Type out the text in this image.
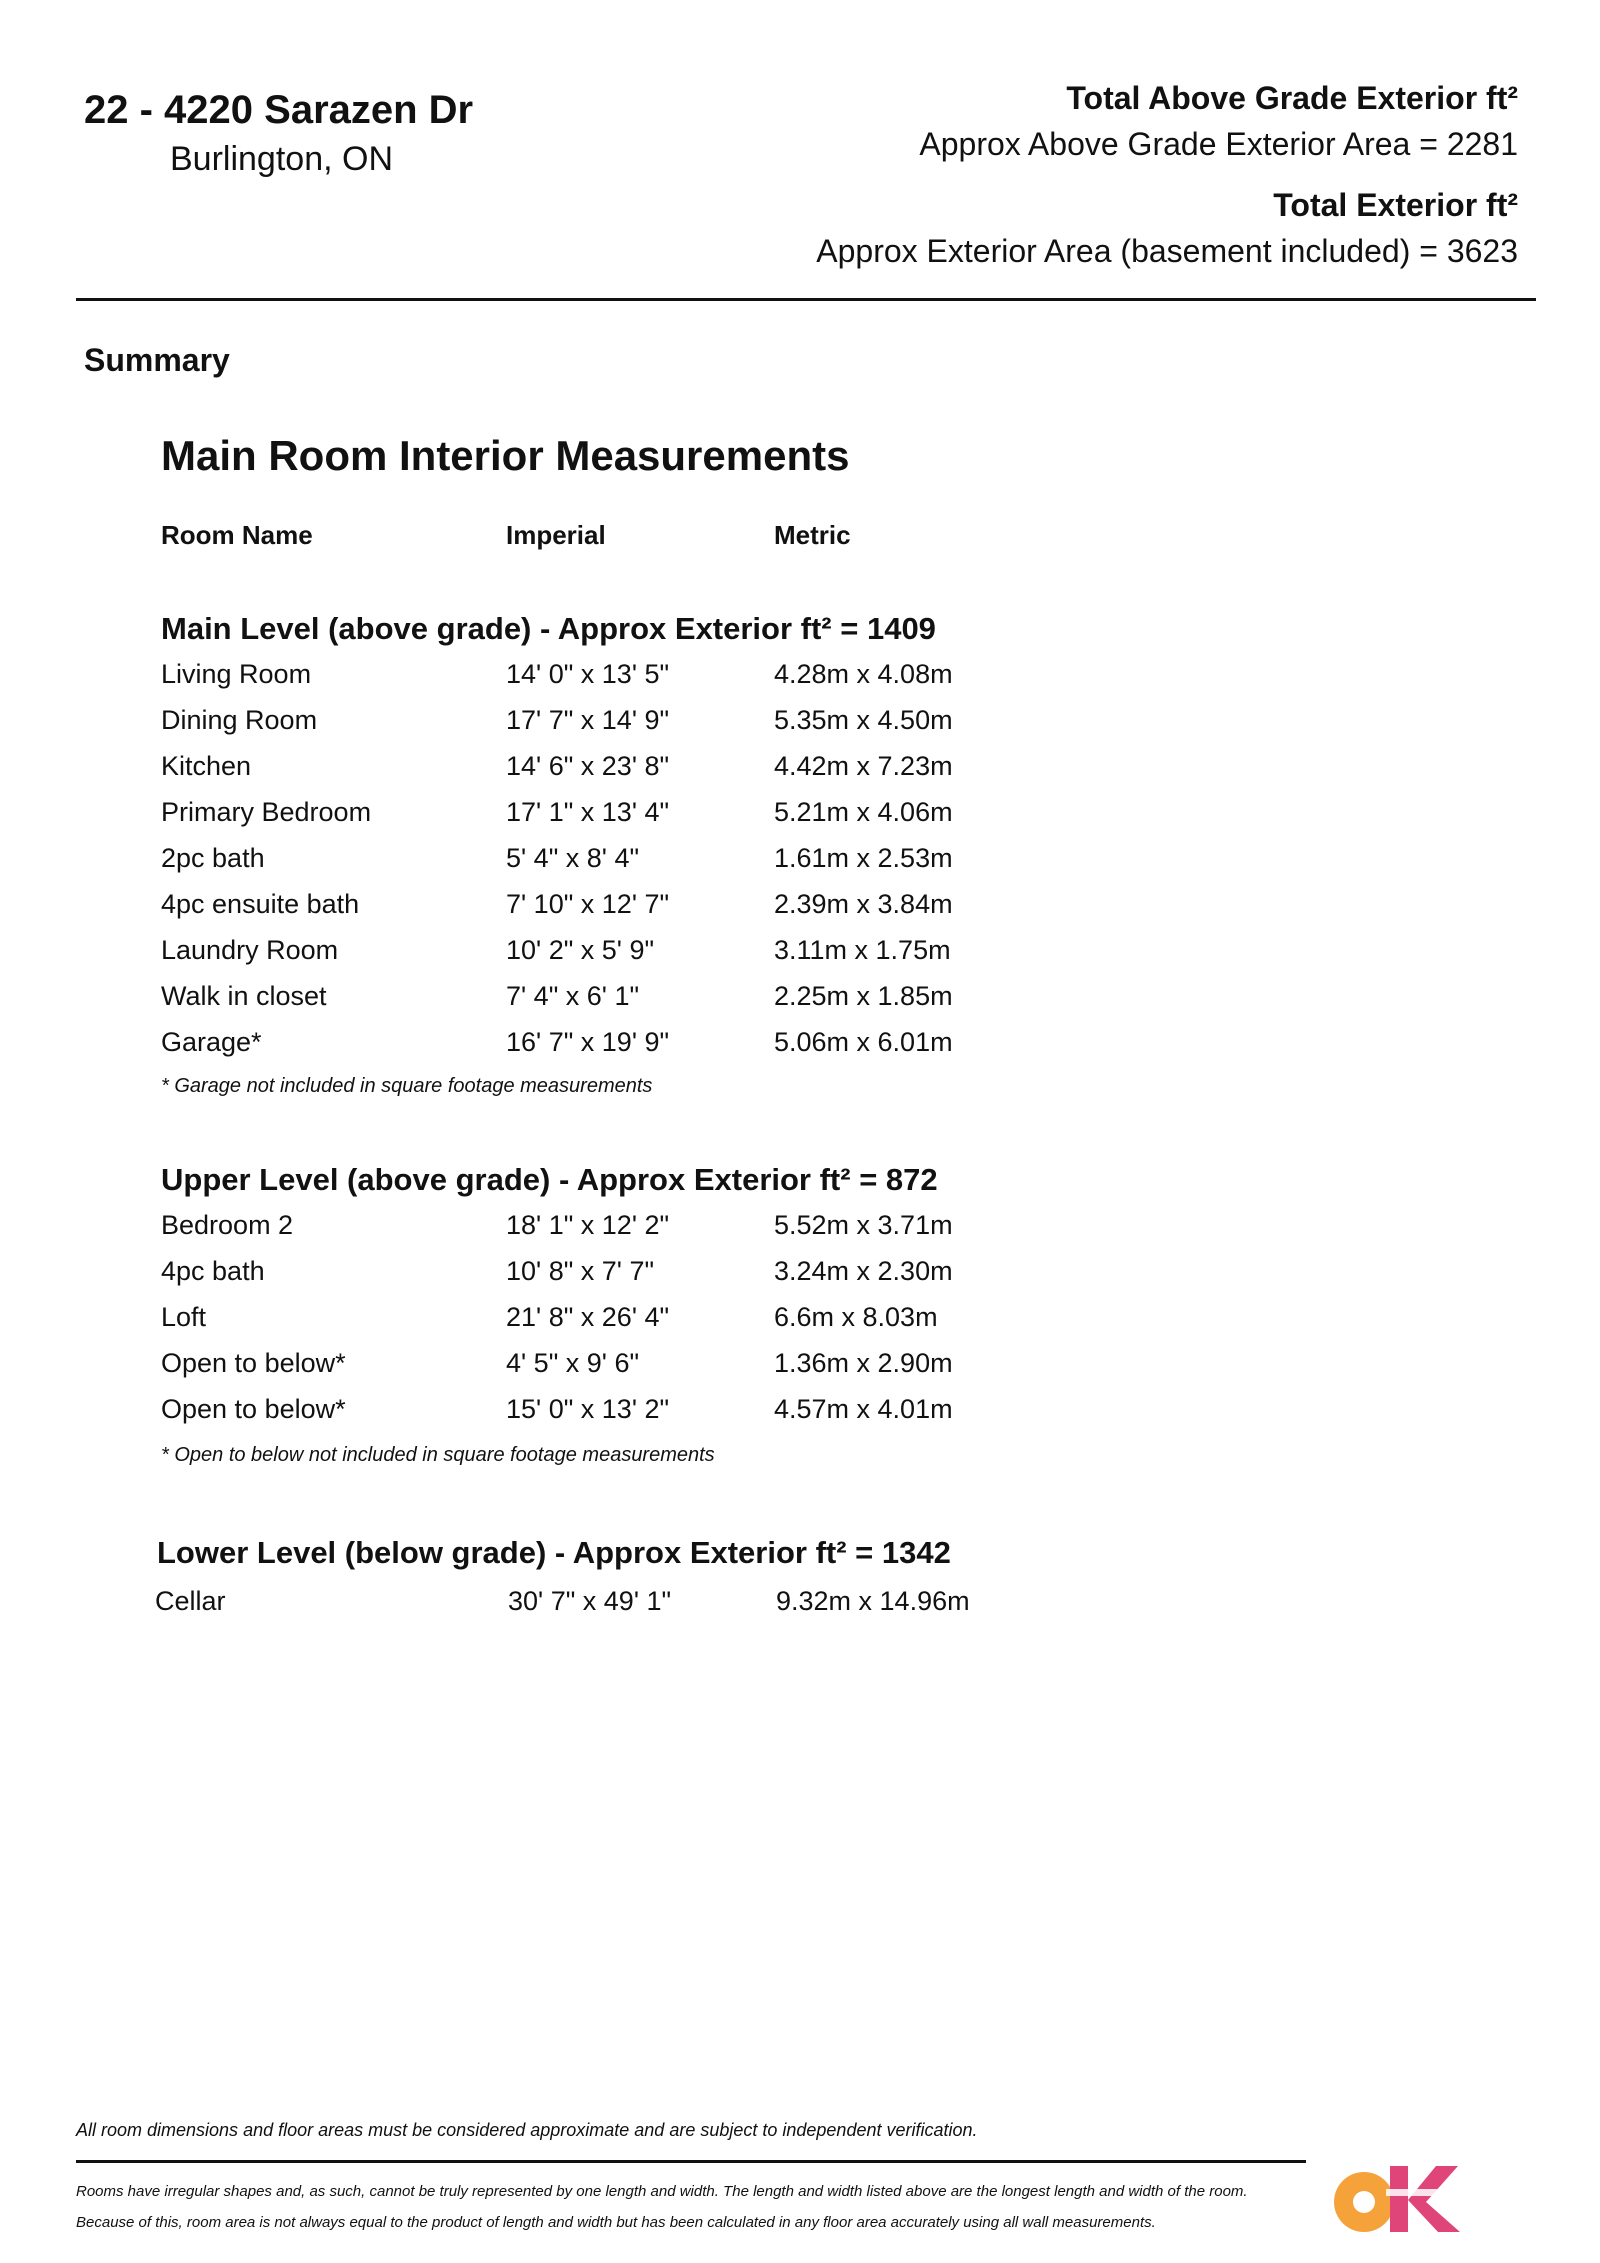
22 - 4220 Sarazen Dr
Burlington, ON
Total Above Grade Exterior ft²
Approx Above Grade Exterior Area = 2281
Total Exterior ft²
Approx Exterior Area (basement included) = 3623
Summary
Main Room Interior Measurements
Room Name	Imperial	Metric
Main Level (above grade) - Approx Exterior ft² = 1409
Living Room	14' 0" x 13' 5"	4.28m x 4.08m
Dining Room	17' 7" x 14' 9"	5.35m x 4.50m
Kitchen	14' 6" x 23' 8"	4.42m x 7.23m
Primary Bedroom	17' 1" x 13' 4"	5.21m x 4.06m
2pc bath	5' 4" x 8' 4"	1.61m x 2.53m
4pc ensuite bath	7' 10" x 12' 7"	2.39m x 3.84m
Laundry Room	10' 2" x 5' 9"	3.11m x 1.75m
Walk in closet	7' 4" x 6' 1"	2.25m x 1.85m
Garage*	16' 7" x 19' 9"	5.06m x 6.01m
* Garage not included in square footage measurements
Upper Level (above grade) - Approx Exterior ft² = 872
Bedroom 2	18' 1" x 12' 2"	5.52m x 3.71m
4pc bath	10' 8" x 7' 7"	3.24m x 2.30m
Loft	21' 8" x 26' 4"	6.6m x 8.03m
Open to below*	4' 5" x 9' 6"	1.36m x 2.90m
Open to below*	15' 0" x 13' 2"	4.57m x 4.01m
* Open to below not included in square footage measurements
Lower Level (below grade) - Approx Exterior ft² = 1342
Cellar	30' 7" x 49' 1"	9.32m x 14.96m
All room dimensions and floor areas must be considered approximate and are subject to independent verification.
Rooms have irregular shapes and, as such, cannot be truly represented by one length and width. The length and width listed above are the longest length and width of the room.
Because of this, room area is not always equal to the product of length and width but has been calculated in any floor area accurately using all wall measurements.
